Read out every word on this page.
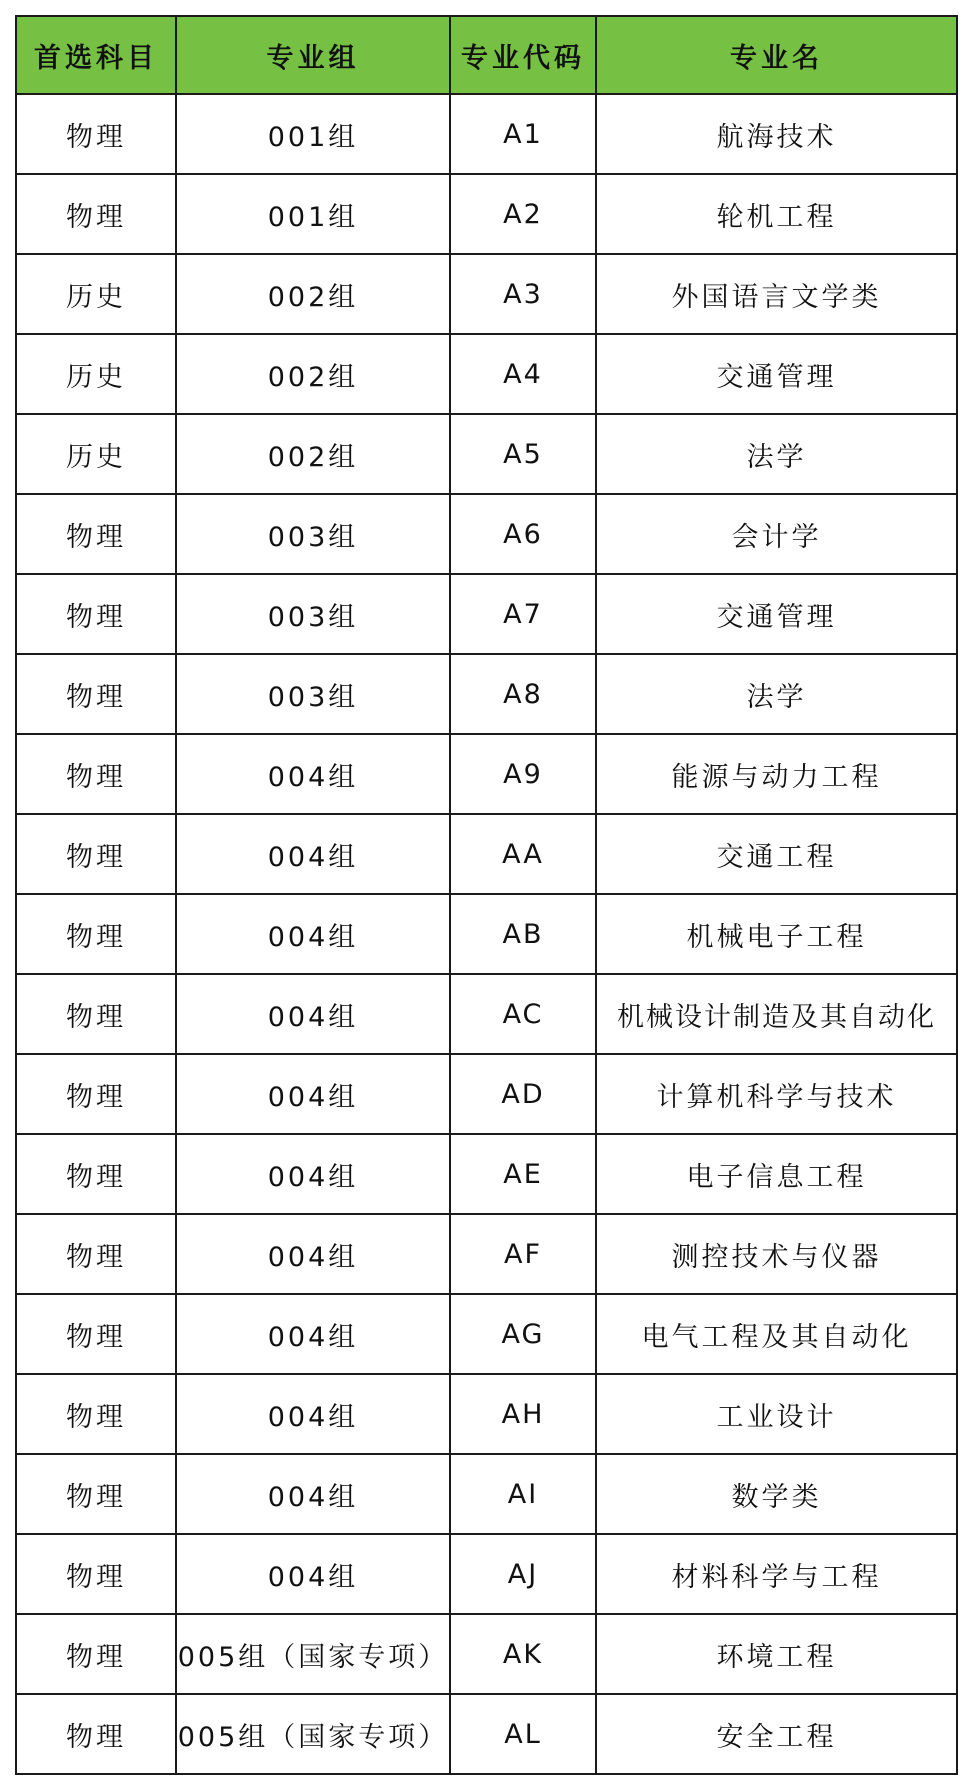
首选科目	专业组	专业代码	专业名
物理	001组	A1	航海技术
物理	001组	A2	轮机工程
历史	002组	A3	外国语言文学类
历史	002组	A4	交通管理
历史	002组	A5	法学
物理	003组	A6	会计学
物理	003组	A7	交通管理
物理	003组	A8	法学
物理	004组	A9	能源与动力工程
物理	004组	AA	交通工程
物理	004组	AB	机械电子工程
物理	004组	AC	机械设计制造及其自动化
物理	004组	AD	计算机科学与技术
物理	004组	AE	电子信息工程
物理	004组	AF	测控技术与仪器
物理	004组	AG	电气工程及其自动化
物理	004组	AH	工业设计
物理	004组	AI	数学类
物理	004组	AJ	材料科学与工程
物理	005组（国家专项）	AK	环境工程
物理	005组（国家专项）	AL	安全工程
